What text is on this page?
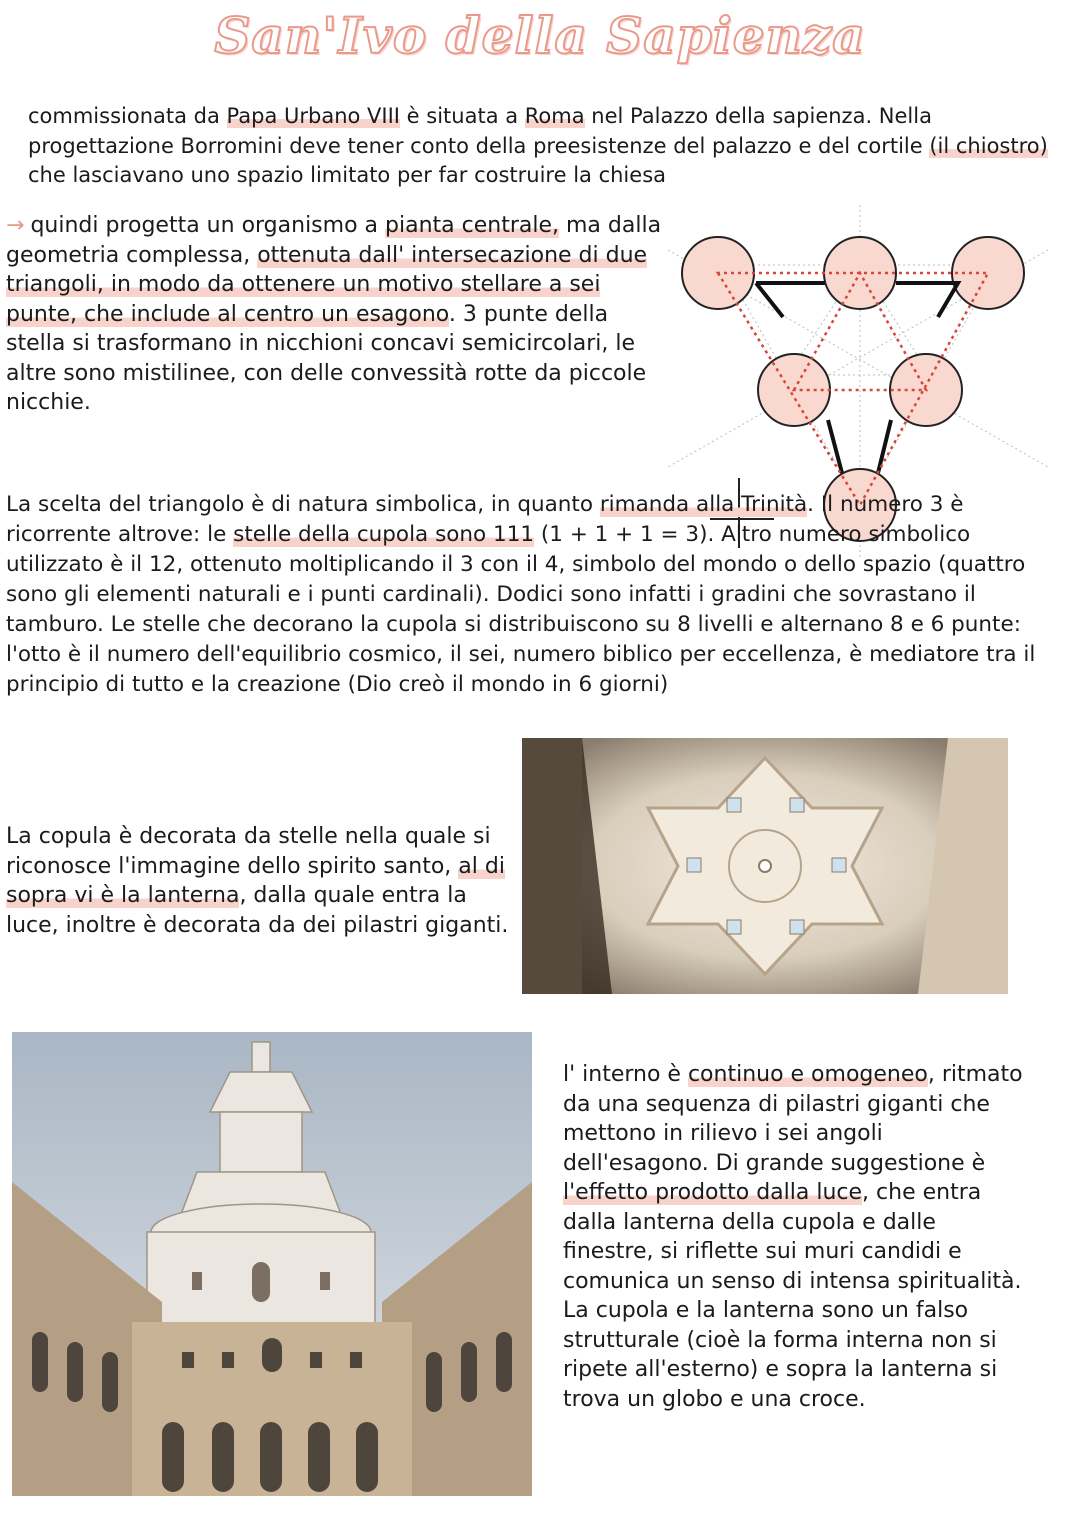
San'Ivo della Sapienza

commissionata da Papa Urbano VIII è situata a Roma nel Palazzo della sapienza. Nella progettazione Borromini deve tener conto della preesistenze del palazzo e del cortile (il chiostro) che lasciavano uno spazio limitato per far costruire la chiesa

→ quindi progetta un organismo a pianta centrale, ma dalla geometria complessa, ottenuta dall' intersecazione di due triangoli, in modo da ottenere un motivo stellare a sei punte, che include al centro un esagono. 3 punte della stella si trasformano in nicchioni concavi semicircolari, le altre sono mistilinee, con delle convessità rotte da piccole nicchie.

La scelta del triangolo è di natura simbolica, in quanto rimanda alla Trinità. Il numero 3 è ricorrente altrove: le stelle della cupola sono 111 (1 + 1 + 1 = 3). Altro numero simbolico utilizzato è il 12, ottenuto moltiplicando il 3 con il 4, simbolo del mondo o dello spazio (quattro sono gli elementi naturali e i punti cardinali). Dodici sono infatti i gradini che sovrastano il tamburo. Le stelle che decorano la cupola si distribuiscono su 8 livelli e alternano 8 e 6 punte: l'otto è il numero dell'equilibrio cosmico, il sei, numero biblico per eccellenza, è mediatore tra il principio di tutto e la creazione (Dio creò il mondo in 6 giorni)

La copula è decorata da stelle nella quale si riconosce l'immagine dello spirito santo, al di sopra vi è la lanterna, dalla quale entra la luce, inoltre è decorata da dei pilastri giganti.

l' interno è continuo e omogeneo, ritmato da una sequenza di pilastri giganti che mettono in rilievo i sei angoli dell'esagono. Di grande suggestione è l'effetto prodotto dalla luce, che entra dalla lanterna della cupola e dalle finestre, si riflette sui muri candidi e comunica un senso di intensa spiritualità. La cupola e la lanterna sono un falso strutturale (cioè la forma interna non si ripete all'esterno) e sopra la lanterna si trova un globo e una croce.
